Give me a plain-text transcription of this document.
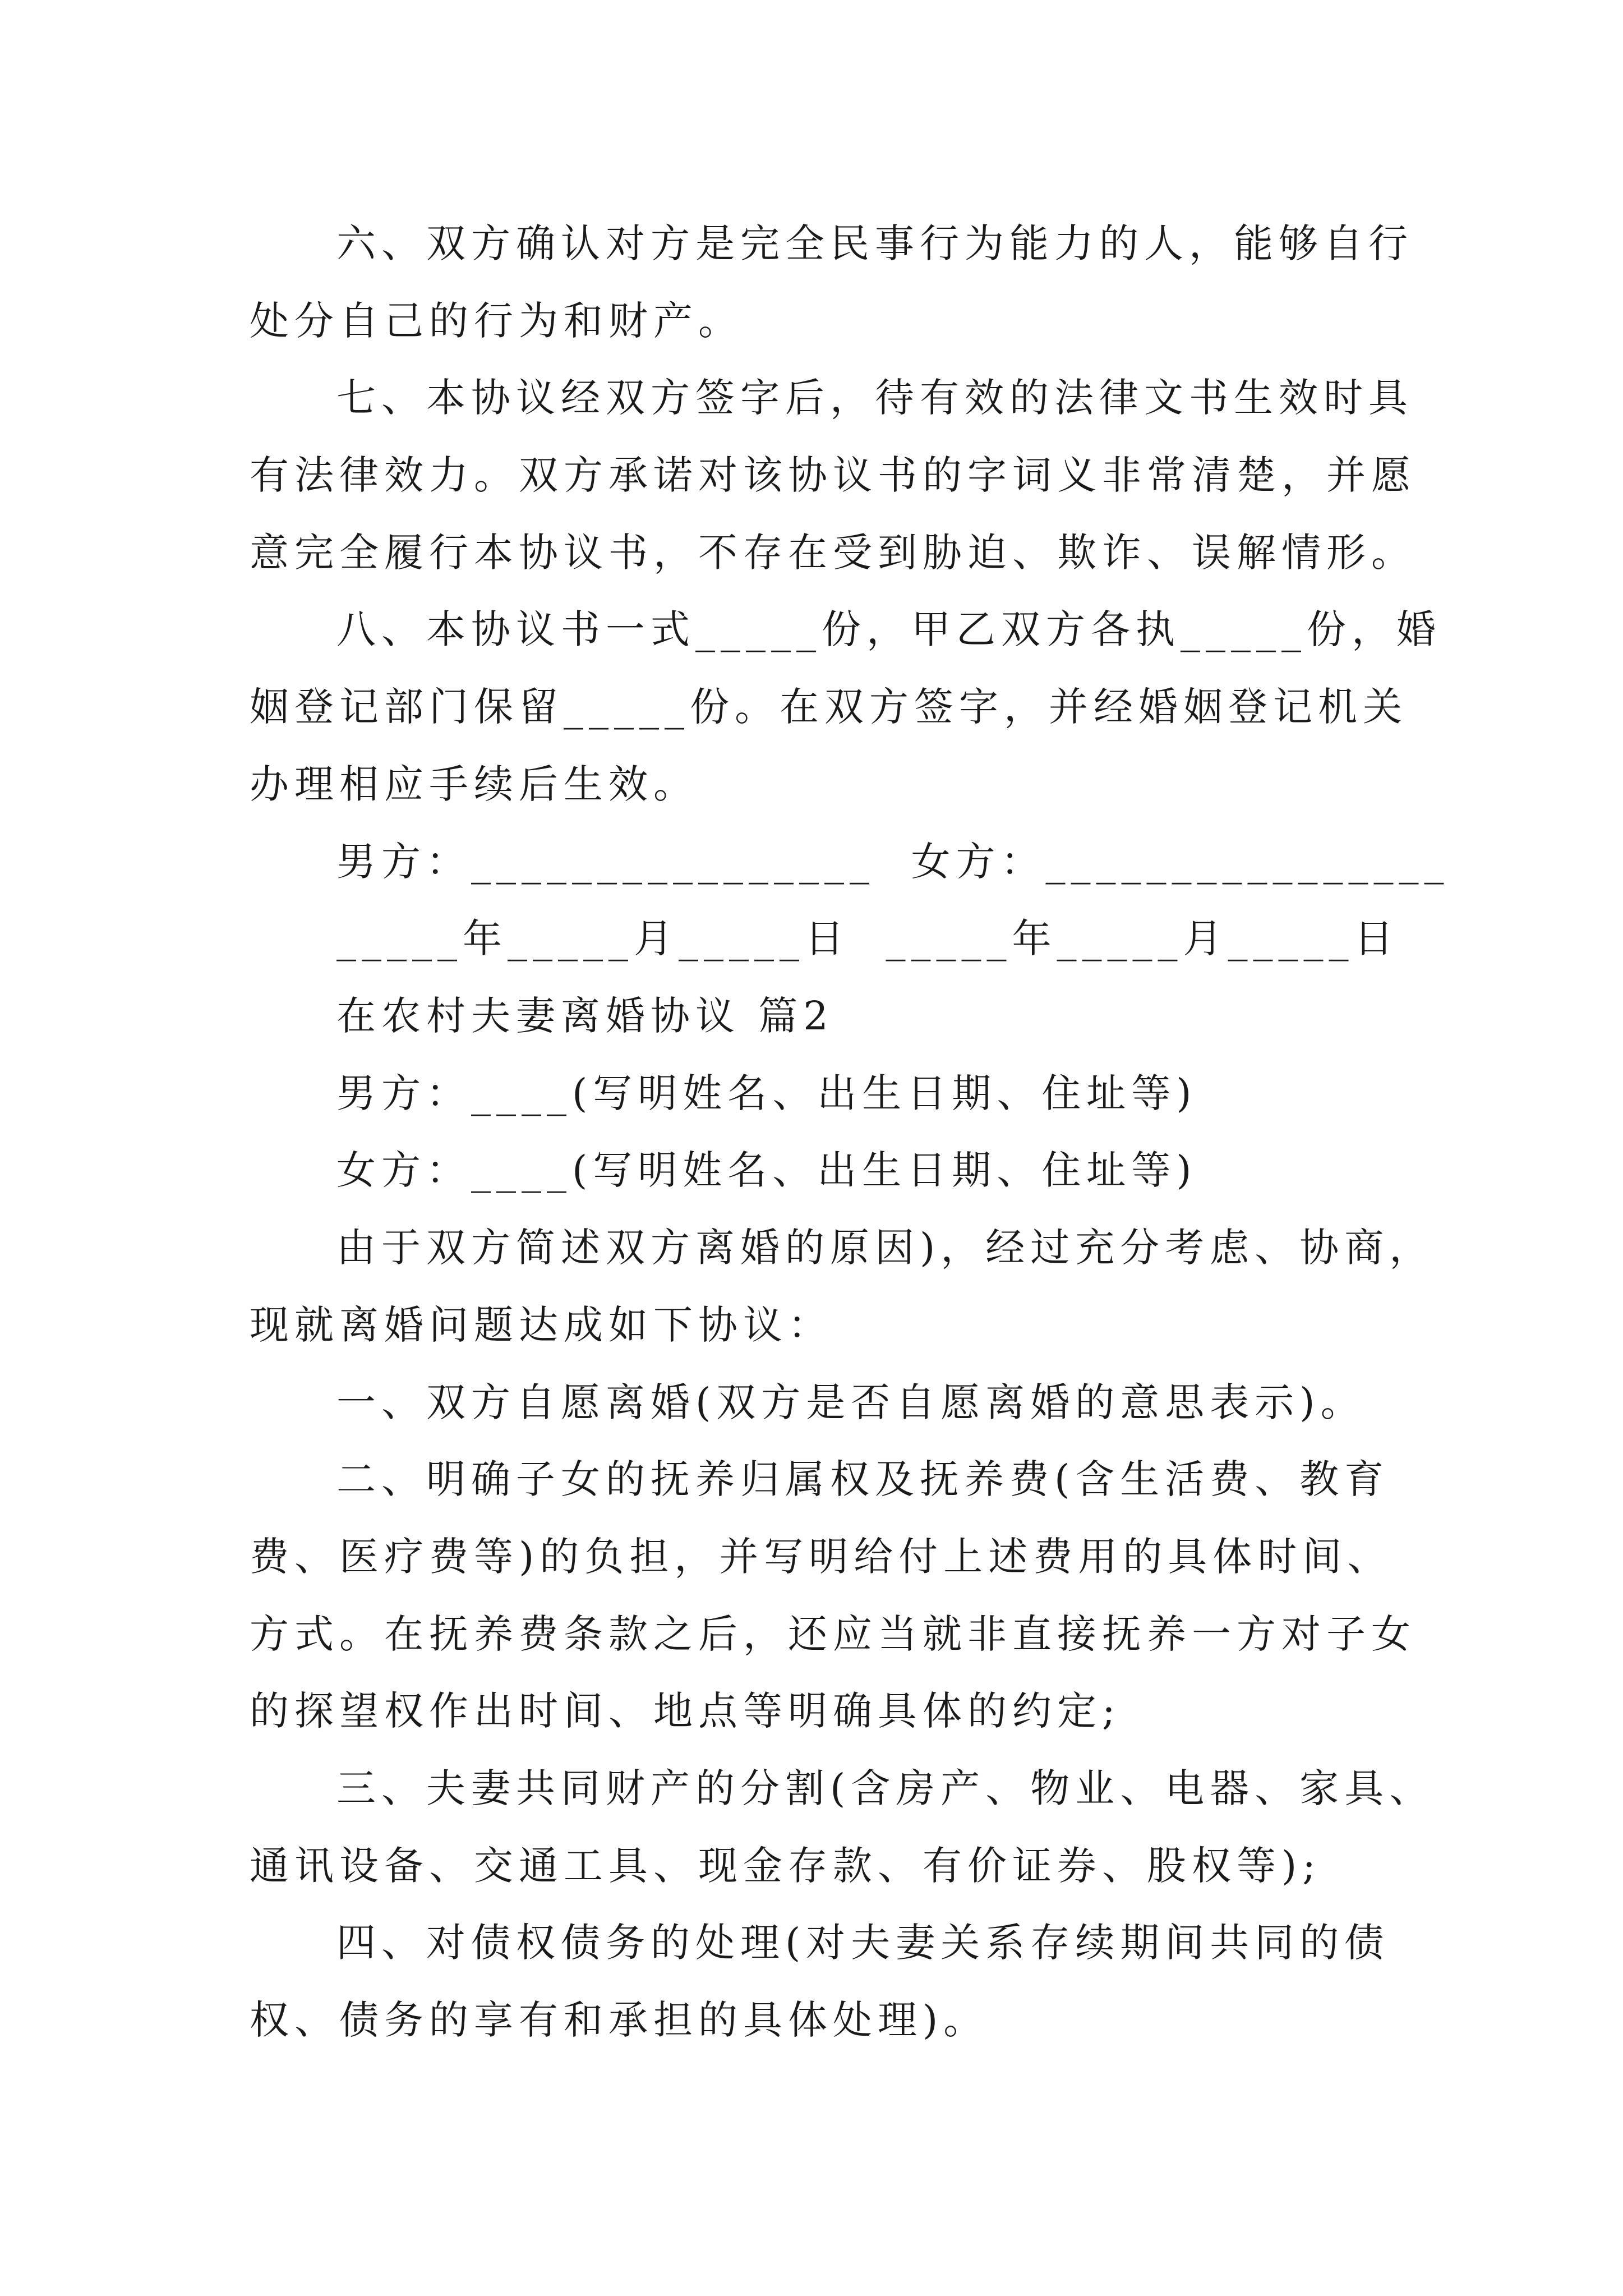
六、双方确认对方是完全民事行为能力的人，能够自行
处分自己的行为和财产。
七、本协议经双方签字后，待有效的法律文书生效时具
有法律效力。双方承诺对该协议书的字词义非常清楚，并愿
意完全履行本协议书，不存在受到胁迫、欺诈、误解情形。
八、本协议书一式_____份，甲乙双方各执_____份，婚
姻登记部门保留_____份。在双方签字，并经婚姻登记机关
办理相应手续后生效。
男方：________________  女方：________________
_____年_____月_____日  _____年_____月_____日
在农村夫妻离婚协议 篇2
男方：____(写明姓名、出生日期、住址等)
女方：____(写明姓名、出生日期、住址等)
由于双方简述双方离婚的原因)，经过充分考虑、协商，
现就离婚问题达成如下协议：
一、双方自愿离婚(双方是否自愿离婚的意思表示)。
二、明确子女的抚养归属权及抚养费(含生活费、教育
费、医疗费等)的负担，并写明给付上述费用的具体时间、
方式。在抚养费条款之后，还应当就非直接抚养一方对子女
的探望权作出时间、地点等明确具体的约定;
三、夫妻共同财产的分割(含房产、物业、电器、家具、
通讯设备、交通工具、现金存款、有价证券、股权等);
四、对债权债务的处理(对夫妻关系存续期间共同的债
权、债务的享有和承担的具体处理)。
